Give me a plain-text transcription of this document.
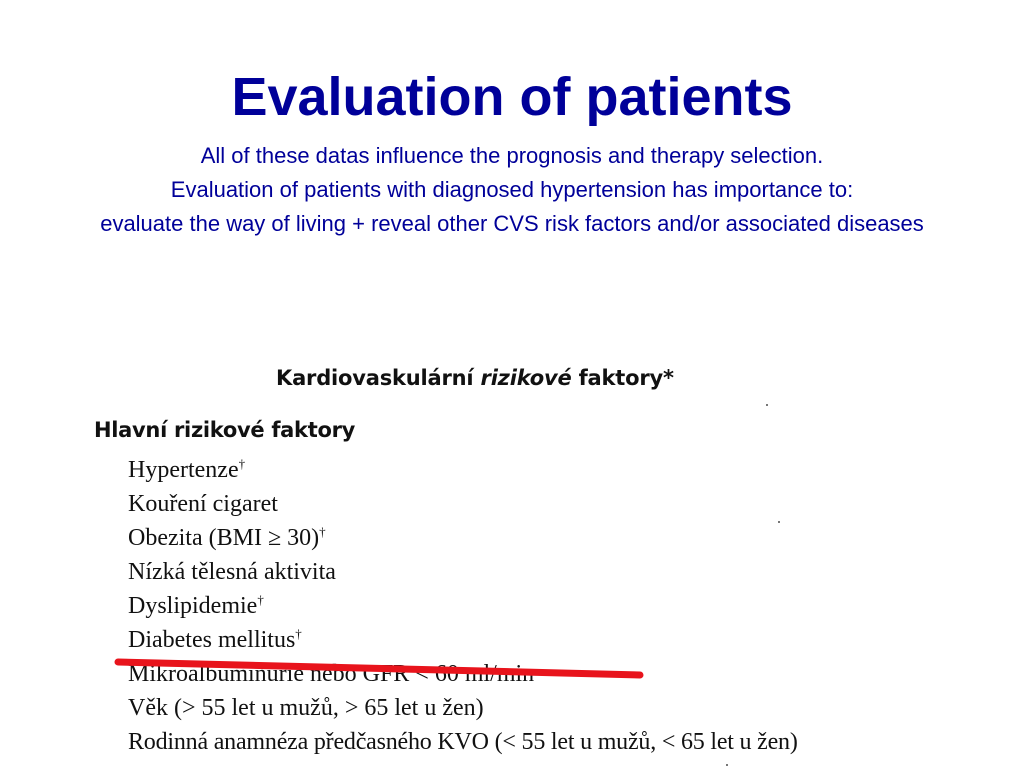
Evaluation of patients

All of these datas influence the prognosis and therapy selection.

Evaluation of patients with diagnosed hypertension has importance to:

evaluate the way of living + reveal other CVS risk factors and/or associated diseases

Kardiovaskulární rizikové faktory*
Hlavní rizikové faktory
Hypertenze†
Kouření cigaret
Obezita (BMI ≥ 30)†
Nízká tělesná aktivita
Dyslipidemie†
Diabetes mellitus†
Mikroalbuminurie nebo GFR < 60 ml/min
Věk (> 55 let u mužů, > 65 let u žen)
Rodinná anamnéza předčasného KVO (< 55 let u mužů, < 65 let u žen)
